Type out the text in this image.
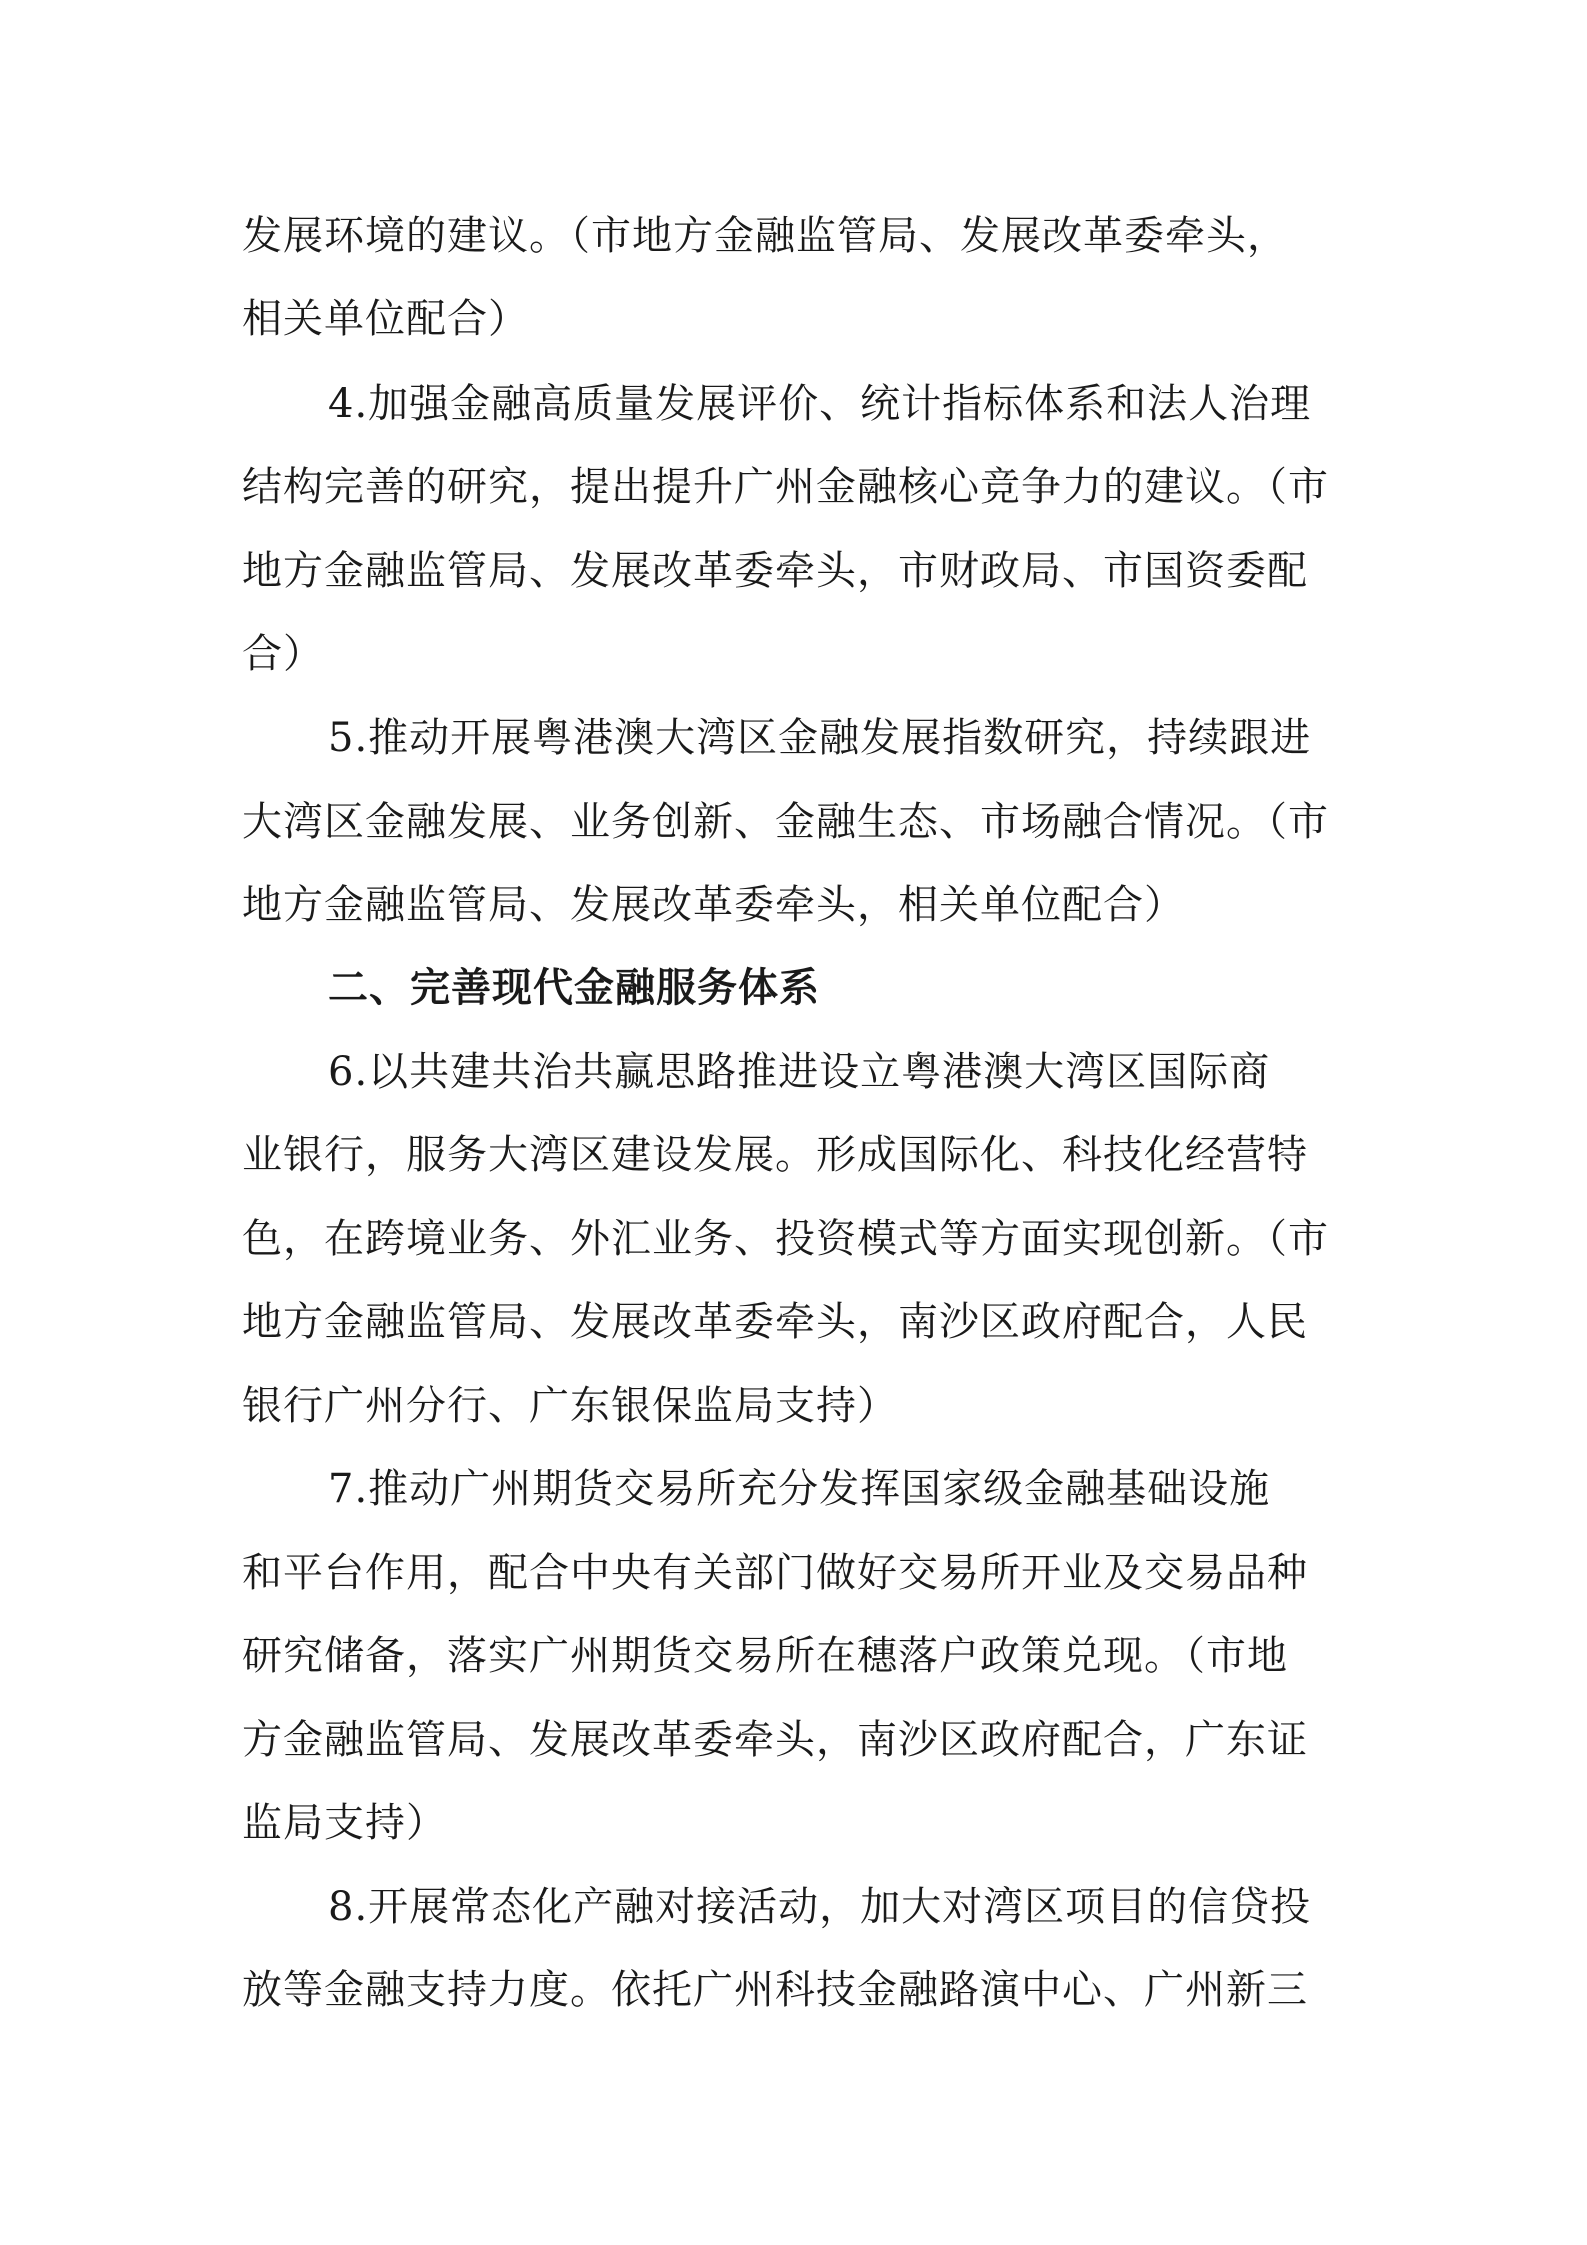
发展环境的建议。（市地方金融监管局、发展改革委牵头，
相关单位配合）
4.加强金融高质量发展评价、统计指标体系和法人治理
结构完善的研究，提出提升广州金融核心竞争力的建议。（市
地方金融监管局、发展改革委牵头，市财政局、市国资委配
合）
5.推动开展粤港澳大湾区金融发展指数研究，持续跟进
大湾区金融发展、业务创新、金融生态、市场融合情况。（市
地方金融监管局、发展改革委牵头，相关单位配合）
二、完善现代金融服务体系
6.以共建共治共赢思路推进设立粤港澳大湾区国际商
业银行，服务大湾区建设发展。形成国际化、科技化经营特
色，在跨境业务、外汇业务、投资模式等方面实现创新。（市
地方金融监管局、发展改革委牵头，南沙区政府配合，人民
银行广州分行、广东银保监局支持）
7.推动广州期货交易所充分发挥国家级金融基础设施
和平台作用，配合中央有关部门做好交易所开业及交易品种
研究储备，落实广州期货交易所在穗落户政策兑现。（市地
方金融监管局、发展改革委牵头，南沙区政府配合，广东证
监局支持）
8.开展常态化产融对接活动，加大对湾区项目的信贷投
放等金融支持力度。依托广州科技金融路演中心、广州新三
